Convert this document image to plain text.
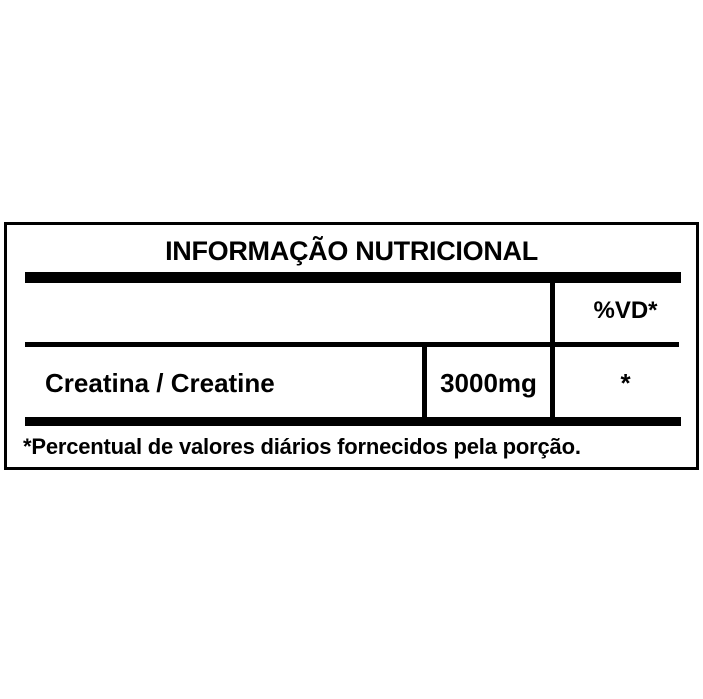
INFORMAÇÃO NUTRICIONAL
%VD*
Creatina / Creatine	3000mg	*
*Percentual de valores diários fornecidos pela porção.
